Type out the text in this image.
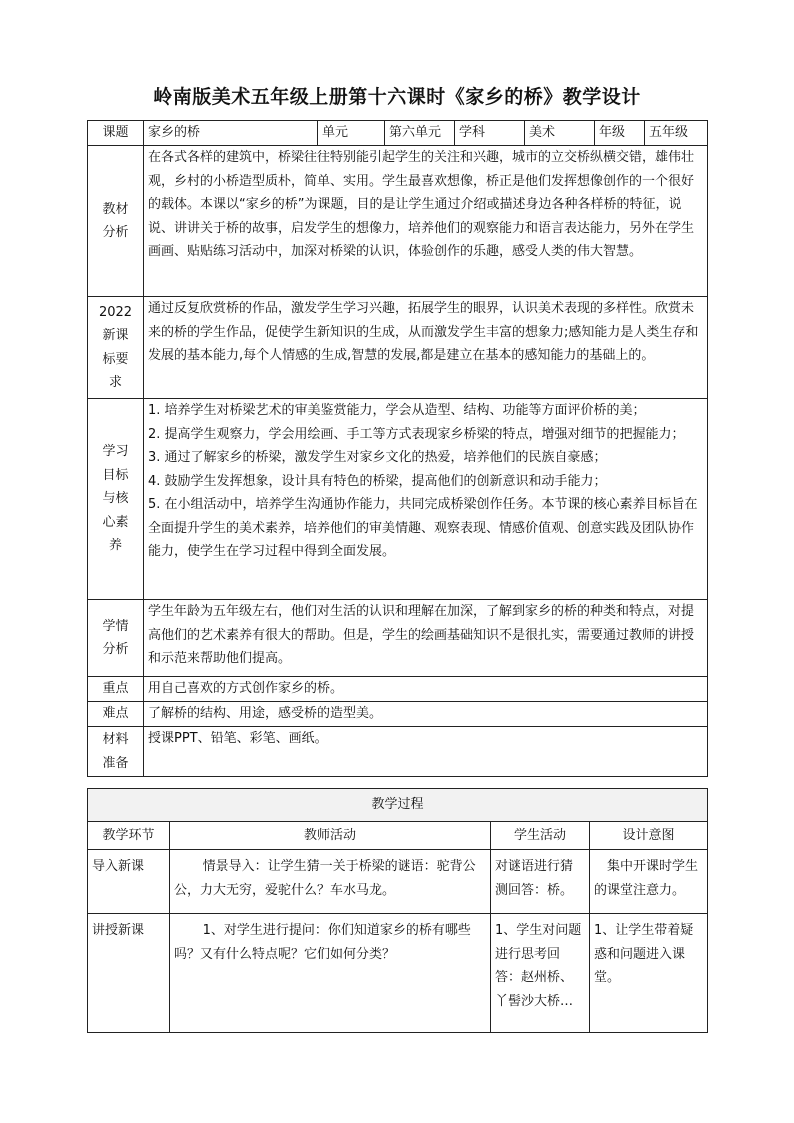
岭南版美术五年级上册第十六课时《家乡的桥》教学设计
课题	家乡的桥	单元	第六单元	学科	美术	年级	五年级

教材分析	在各式各样的建筑中，桥梁往往特别能引起学生的关注和兴趣，城市的立交桥纵横交错，雄伟壮观，乡村的小桥造型质朴，简单、实用。学生最喜欢想像，桥正是他们发挥想像创作的一个很好的载体。本课以“家乡的桥”为课题，目的是让学生通过介绍或描述身边各种各样桥的特征，说说、讲讲关于桥的故事，启发学生的想像力，培养他们的观察能力和语言表达能力，另外在学生画画、贴贴练习活动中，加深对桥梁的认识，体验创作的乐趣，感受人类的伟大智慧。						

2022新课标要求	通过反复欣赏桥的作品，激发学生学习兴趣，拓展学生的眼界，认识美术表现的多样性。欣赏未来的桥的学生作品，促使学生新知识的生成，从而激发学生丰富的想象力;感知能力是人类生存和发展的基本能力,每个人情感的生成,智慧的发展,都是建立在基本的感知能力的基础上的。						

学习目标与核心素养	1. 培养学生对桥梁艺术的审美鉴赏能力，学会从造型、结构、功能等方面评价桥的美；
2. 提高学生观察力，学会用绘画、手工等方式表现家乡桥梁的特点，增强对细节的把握能力；
3. 通过了解家乡的桥梁，激发学生对家乡文化的热爱，培养他们的民族自豪感；
4. 鼓励学生发挥想象，设计具有特色的桥梁，提高他们的创新意识和动手能力；
5. 在小组活动中，培养学生沟通协作能力，共同完成桥梁创作任务。本节课的核心素养目标旨在全面提升学生的美术素养，培养他们的审美情趣、观察表现、情感价值观、创意实践及团队协作能力，使学生在学习过程中得到全面发展。						

学情分析	学生年龄为五年级左右，他们对生活的认识和理解在加深，了解到家乡的桥的种类和特点，对提高他们的艺术素养有很大的帮助。但是，学生的绘画基础知识不是很扎实，需要通过教师的讲授和示范来帮助他们提高。						
重点	用自己喜欢的方式创作家乡的桥。						
难点	了解桥的结构、用途，感受桥的造型美。						

材料准备	授课PPT、铅笔、彩笔、画纸。						
教学过程			
教学环节	教师活动	学生活动	设计意图
导入新课	情景导入：让学生猜一关于桥梁的谜语：驼背公公，力大无穷，爱驼什么？车水马龙。	对谜语进行猜测回答：桥。	集中开课时学生的课堂注意力。
讲授新课	1、对学生进行提问：你们知道家乡的桥有哪些吗？又有什么特点呢？它们如何分类？	1、学生对问题进行思考回答：赵州桥、丫髻沙大桥…	1、让学生带着疑惑和问题进入课堂。
